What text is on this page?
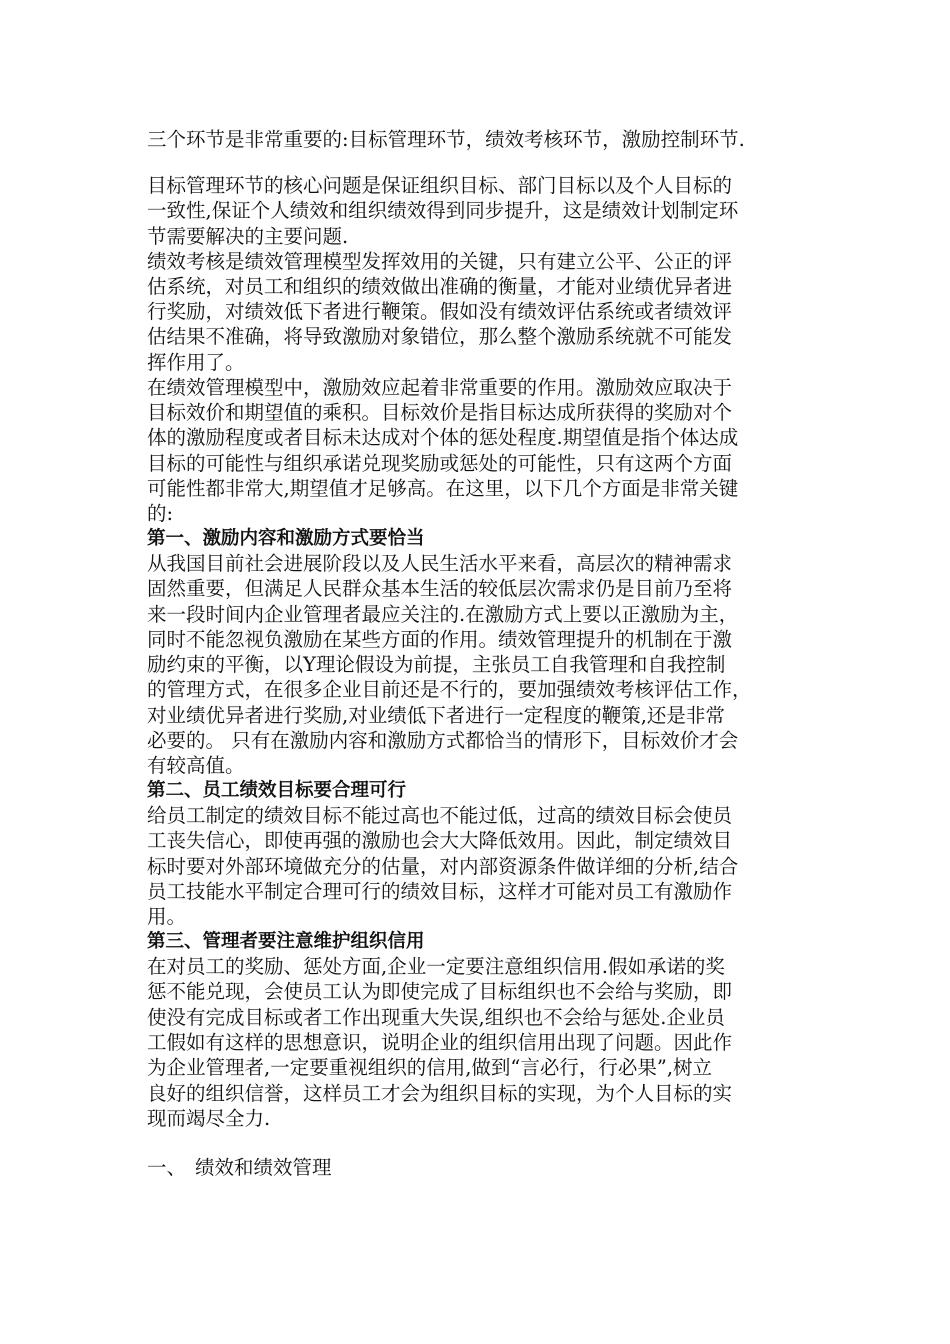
三个环节是非常重要的:目标管理环节，绩效考核环节，激励控制环节.
目标管理环节的核心问题是保证组织目标、部门目标以及个人目标的
一致性,保证个人绩效和组织绩效得到同步提升，这是绩效计划制定环
节需要解决的主要问题.
绩效考核是绩效管理模型发挥效用的关键，只有建立公平、公正的评
估系统，对员工和组织的绩效做出准确的衡量，才能对业绩优异者进
行奖励，对绩效低下者进行鞭策。假如没有绩效评估系统或者绩效评
估结果不准确，将导致激励对象错位，那么整个激励系统就不可能发
挥作用了。
在绩效管理模型中，激励效应起着非常重要的作用。激励效应取决于
目标效价和期望值的乘积。目标效价是指目标达成所获得的奖励对个
体的激励程度或者目标未达成对个体的惩处程度.期望值是指个体达成
目标的可能性与组织承诺兑现奖励或惩处的可能性，只有这两个方面
可能性都非常大,期望值才足够高。在这里，以下几个方面是非常关键
的:
第一、激励内容和激励方式要恰当
从我国目前社会进展阶段以及人民生活水平来看，高层次的精神需求
固然重要，但满足人民群众基本生活的较低层次需求仍是目前乃至将
来一段时间内企业管理者最应关注的.在激励方式上要以正激励为主，
同时不能忽视负激励在某些方面的作用。绩效管理提升的机制在于激
励约束的平衡，以Y理论假设为前提，主张员工自我管理和自我控制
的管理方式，在很多企业目前还是不行的，要加强绩效考核评估工作，
对业绩优异者进行奖励,对业绩低下者进行一定程度的鞭策,还是非常
必要的。 只有在激励内容和激励方式都恰当的情形下，目标效价才会
有较高值。
第二、员工绩效目标要合理可行
给员工制定的绩效目标不能过高也不能过低，过高的绩效目标会使员
工丧失信心，即使再强的激励也会大大降低效用。因此，制定绩效目
标时要对外部环境做充分的估量，对内部资源条件做详细的分析,结合
员工技能水平制定合理可行的绩效目标，这样才可能对员工有激励作
用。
第三、管理者要注意维护组织信用
在对员工的奖励、惩处方面,企业一定要注意组织信用.假如承诺的奖
惩不能兑现，会使员工认为即使完成了目标组织也不会给与奖励，即
使没有完成目标或者工作出现重大失误,组织也不会给与惩处.企业员
工假如有这样的思想意识，说明企业的组织信用出现了问题。因此作
为企业管理者,一定要重视组织的信用,做到“言必行，行必果”,树立
良好的组织信誉，这样员工才会为组织目标的实现，为个人目标的实
现而竭尽全力.
一、 绩效和绩效管理
